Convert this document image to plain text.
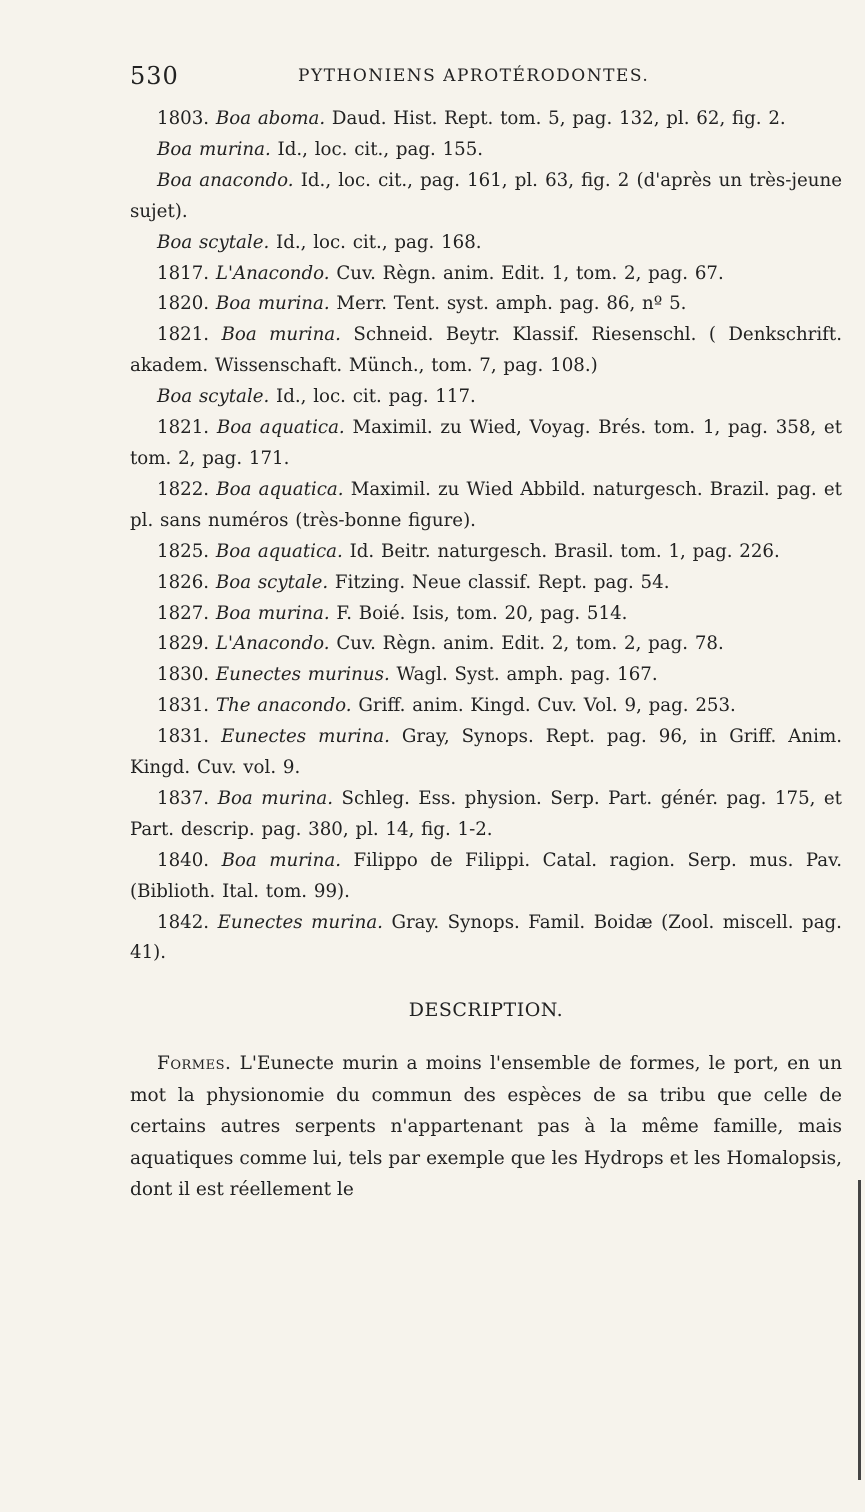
530	PYTHONIENS APROTÉRODONTES.

1803. Boa aboma. Daud. Hist. Rept. tom. 5, pag. 132, pl. 62, fig. 2.

Boa murina. Id., loc. cit., pag. 155.

Boa anacondo. Id., loc. cit., pag. 161, pl. 63, fig. 2 (d'après un très-jeune sujet).

Boa scytale. Id., loc. cit., pag. 168.

1817. L'Anacondo. Cuv. Règn. anim. Edit. 1, tom. 2, pag. 67.

1820. Boa murina. Merr. Tent. syst. amph. pag. 86, nº 5.

1821. Boa murina. Schneid. Beytr. Klassif. Riesenschl. ( Denkschrift. akadem. Wissenschaft. Münch., tom. 7, pag. 108.)

Boa scytale. Id., loc. cit. pag. 117.

1821. Boa aquatica. Maximil. zu Wied, Voyag. Brés. tom. 1, pag. 358, et tom. 2, pag. 171.

1822. Boa aquatica. Maximil. zu Wied Abbild. naturgesch. Brazil. pag. et pl. sans numéros (très-bonne figure).

1825. Boa aquatica. Id. Beitr. naturgesch. Brasil. tom. 1, pag. 226.

1826. Boa scytale. Fitzing. Neue classif. Rept. pag. 54.

1827. Boa murina. F. Boié. Isis, tom. 20, pag. 514.

1829. L'Anacondo. Cuv. Règn. anim. Edit. 2, tom. 2, pag. 78.

1830. Eunectes murinus. Wagl. Syst. amph. pag. 167.

1831. The anacondo. Griff. anim. Kingd. Cuv. Vol. 9, pag. 253.

1831. Eunectes murina. Gray, Synops. Rept. pag. 96, in Griff. Anim. Kingd. Cuv. vol. 9.

1837. Boa murina. Schleg. Ess. physion. Serp. Part. génér. pag. 175, et Part. descrip. pag. 380, pl. 14, fig. 1-2.

1840. Boa murina. Filippo de Filippi. Catal. ragion. Serp. mus. Pav. (Biblioth. Ital. tom. 99).

1842. Eunectes murina. Gray. Synops. Famil. Boidæ (Zool. miscell. pag. 41).

DESCRIPTION.

Formes. L'Eunecte murin a moins l'ensemble de formes, le port, en un mot la physionomie du commun des espèces de sa tribu que celle de certains autres serpents n'appartenant pas à la même famille, mais aquatiques comme lui, tels par exemple que les Hydrops et les Homalopsis, dont il est réellement le
